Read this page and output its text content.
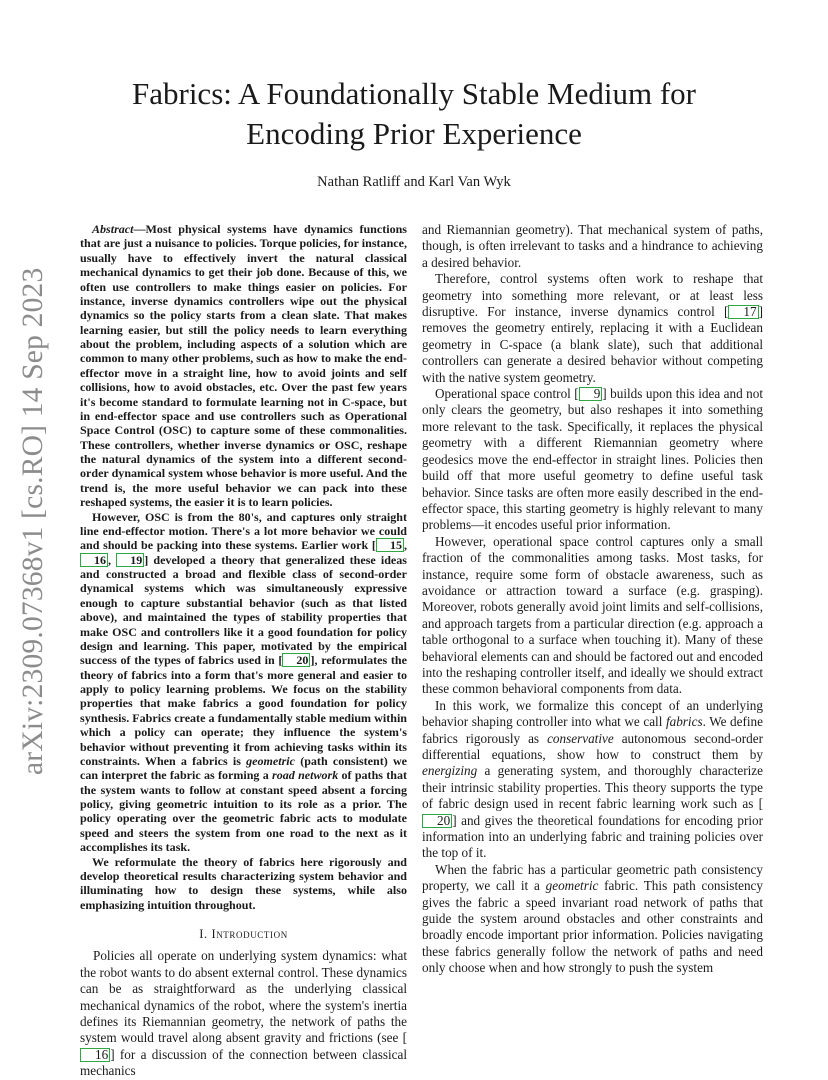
arXiv:2309.07368v1 [cs.RO] 14 Sep 2023
Fabrics: A Foundationally Stable Medium for
Encoding Prior Experience
Nathan Ratliff and Karl Van Wyk

Abstract—Most physical systems have dynamics functions that are just a nuisance to policies. Torque policies, for instance, usually have to effectively invert the natural classical mechanical dynamics to get their job done. Because of this, we often use controllers to make things easier on policies. For instance, inverse dynamics controllers wipe out the physical dynamics so the policy starts from a clean slate. That makes learning easier, but still the policy needs to learn everything about the problem, including aspects of a solution which are common to many other problems, such as how to make the end-effector move in a straight line, how to avoid joints and self collisions, how to avoid obstacles, etc. Over the past few years it's become standard to formulate learning not in C-space, but in end-effector space and use controllers such as Operational Space Control (OSC) to capture some of these commonalities. These controllers, whether inverse dynamics or OSC, reshape the natural dynamics of the system into a different second-order dynamical system whose behavior is more useful. And the trend is, the more useful behavior we can pack into these reshaped systems, the easier it is to learn policies.

However, OSC is from the 80's, and captures only straight line end-effector motion. There's a lot more behavior we could and should be packing into these systems. Earlier work [ 15 , 16 , 19 ] developed a theory that generalized these ideas and constructed a broad and flexible class of second-order dynamical systems which was simultaneously expressive enough to capture substantial behavior (such as that listed above), and maintained the types of stability properties that make OSC and controllers like it a good foundation for policy design and learning. This paper, motivated by the empirical success of the types of fabrics used in [ 20 ], reformulates the theory of fabrics into a form that's more general and easier to apply to policy learning problems. We focus on the stability properties that make fabrics a good foundation for policy synthesis. Fabrics create a fundamentally stable medium within which a policy can operate; they influence the system's behavior without preventing it from achieving tasks within its constraints. When a fabrics is geometric (path consistent) we can interpret the fabric as forming a road network of paths that the system wants to follow at constant speed absent a forcing policy, giving geometric intuition to its role as a prior. The policy operating over the geometric fabric acts to modulate speed and steers the system from one road to the next as it accomplishes its task.

We reformulate the theory of fabrics here rigorously and develop theoretical results characterizing system behavior and illuminating how to design these systems, while also emphasizing intuition throughout.

I. Introduction

Policies all operate on underlying system dynamics: what the robot wants to do absent external control. These dynamics can be as straightforward as the underlying classical mechanical dynamics of the robot, where the system's inertia defines its Riemannian geometry, the network of paths the system would travel along absent gravity and frictions (see [16 ] for a discussion of the connection between classical mechanics

and Riemannian geometry). That mechanical system of paths, though, is often irrelevant to tasks and a hindrance to achieving a desired behavior.

Therefore, control systems often work to reshape that geometry into something more relevant, or at least less disruptive. For instance, inverse dynamics control [ 17 ] removes the geometry entirely, replacing it with a Euclidean geometry in C-space (a blank slate), such that additional controllers can generate a desired behavior without competing with the native system geometry.

Operational space control [ 9 ] builds upon this idea and not only clears the geometry, but also reshapes it into something more relevant to the task. Specifically, it replaces the physical geometry with a different Riemannian geometry where geodesics move the end-effector in straight lines. Policies then build off that more useful geometry to define useful task behavior. Since tasks are often more easily described in the end-effector space, this starting geometry is highly relevant to many problems—it encodes useful prior information.

However, operational space control captures only a small fraction of the commonalities among tasks. Most tasks, for instance, require some form of obstacle awareness, such as avoidance or attraction toward a surface (e.g. grasping). Moreover, robots generally avoid joint limits and self-collisions, and approach targets from a particular direction (e.g. approach a table orthogonal to a surface when touching it). Many of these behavioral elements can and should be factored out and encoded into the reshaping controller itself, and ideally we should extract these common behavioral components from data.

In this work, we formalize this concept of an underlying behavior shaping controller into what we call fabrics. We define fabrics rigorously as conservative autonomous second-order differential equations, show how to construct them by energizing a generating system, and thoroughly characterize their intrinsic stability properties. This theory supports the type of fabric design used in recent fabric learning work such as [20 ] and gives the theoretical foundations for encoding prior information into an underlying fabric and training policies over the top of it.

When the fabric has a particular geometric path consistency property, we call it a geometric fabric. This path consistency gives the fabric a speed invariant road network of paths that guide the system around obstacles and other constraints and broadly encode important prior information. Policies navigating these fabrics generally follow the network of paths and need only choose when and how strongly to push the system
